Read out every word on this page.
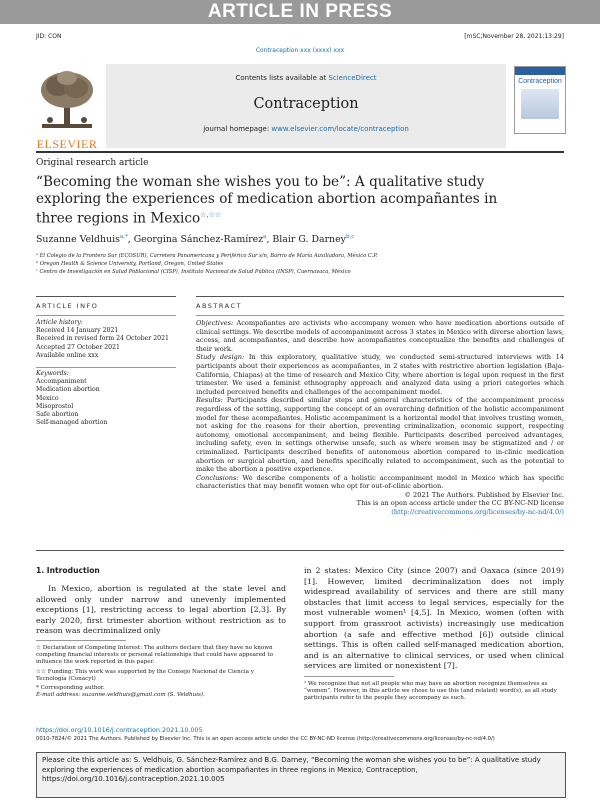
ARTICLE IN PRESS
JID: CON	[mSC;November 28, 2021;13:29]
Contraception xxx (xxxx) xxx
ELSEVIER
Contents lists available at ScienceDirect
Contraception
journal homepage: www.elsevier.com/locate/contraception
Contraception
Original research article
“Becoming the woman she wishes you to be”: A qualitative study exploring the experiences of medication abortion acompañantes in three regions in Mexico☆,☆☆
Suzanne Veldhuis$^{a,*}$, Georgina Sánchez-Ramírez$^a$, Blair G. Darney$^{b,c}$
ᵃ El Colegio de la Frontera Sur (ECOSUR), Carretera Panamericana y Periférico Sur s/n, Barrio de María Auxiliadora, México C.P.
ᵇ Oregon Health & Science University, Portland, Oregon, United States
ᶜ Centro de Investigación en Salud Poblacional (CISP), Instituto Nacional de Salud Pública (INSP), Cuernavaca, México
ARTICLE INFO
Article history:
Received 14 January 2021
Received in revised form 24 October 2021
Accepted 27 October 2021
Available online xxx
Keywords:
Accompaniment
Medication abortion
Mexico
Misoprostol
Safe abortion
Self-managed abortion
ABSTRACT
Objectives: Acompañantes are activists who accompany women who have medication abortions outside of clinical settings. We describe models of accompaniment across 3 states in Mexico with diverse abortion laws, access, and acompañantes, and describe how acompañantes conceptualize the benefits and challenges of their work.
Study design: In this exploratory, qualitative study, we conducted semi-structured interviews with 14 participants about their experiences as acompañantes, in 2 states with restrictive abortion legislation (Baja-California, Chiapas) at the time of research and Mexico City, where abortion is legal upon request in the first trimester. We used a feminist ethnography approach and analyzed data using a priori categories which included perceived benefits and challenges of the accompaniment model.
Results: Participants described similar steps and general characteristics of the accompaniment process regardless of the setting, supporting the concept of an overarching definition of the holistic accompaniment model for these acompañantes. Holistic accompaniment is a horizontal model that involves trusting women, not asking for the reasons for their abortion, preventing criminalization, economic support, respecting autonomy, emotional accompaniment, and being flexible. Participants described perceived advantages, including safety, even in settings otherwise unsafe, such as where women may be stigmatized and / or criminalized. Participants described benefits of autonomous abortion compared to in-clinic medication abortion or surgical abortion, and benefits specifically related to accompaniment, such as the potential to make the abortion a positive experience.
Conclusions: We describe components of a holistic accompaniment model in Mexico which has specific characteristics that may benefit women who opt for out-of-clinic abortion.
© 2021 The Authors. Published by Elsevier Inc.
This is an open access article under the CC BY-NC-ND license
(http://creativecommons.org/licenses/by-nc-nd/4.0/)
1. Introduction
In Mexico, abortion is regulated at the state level and allowed only under narrow and unevenly implemented exceptions [1], restricting access to legal abortion [2,3]. By early 2020, first trimester abortion without restriction as to reason was decriminalized only
in 2 states: Mexico City (since 2007) and Oaxaca (since 2019) [1]. However, limited decriminalization does not imply widespread availability of services and there are still many obstacles that limit access to legal services, especially for the most vulnerable women¹ [4,5]. In Mexico, women (often with support from grassroot activists) increasingly use medication abortion (a safe and effective method [6]) outside clinical settings. This is often called self-managed medication abortion, and is an alternative to clinical services, or used when clinical services are limited or nonexistent [7].
☆ Declaration of Competing Interest: The authors declare that they have no known competing financial interests or personal relationships that could have appeared to influence the work reported in this paper.
☆☆ Funding: This work was supported by the Consejo Nacional de Ciencia y Tecnología (Conacyt)
* Corresponding author.
E-mail address: suzanne.veldhuis@gmail.com (S. Veldhuis).
¹ We recognize that not all people who may have an abortion recognize themselves as “women”. However, in this article we chose to use this (and related) word(s), as all study participants refer to the people they accompany as such.
https://doi.org/10.1016/j.contraception.2021.10.005
0010-7824/© 2021 The Authors. Published by Elsevier Inc. This is an open access article under the CC BY-NC-ND license (http://creativecommons.org/licenses/by-nc-nd/4.0/)
Please cite this article as: S. Veldhuis, G. Sánchez-Ramírez and B.G. Darney, “Becoming the woman she wishes you to be”: A qualitative study exploring the experiences of medication abortion acompañantes in three regions in Mexico, Contraception, https://doi.org/10.1016/j.contraception.2021.10.005
